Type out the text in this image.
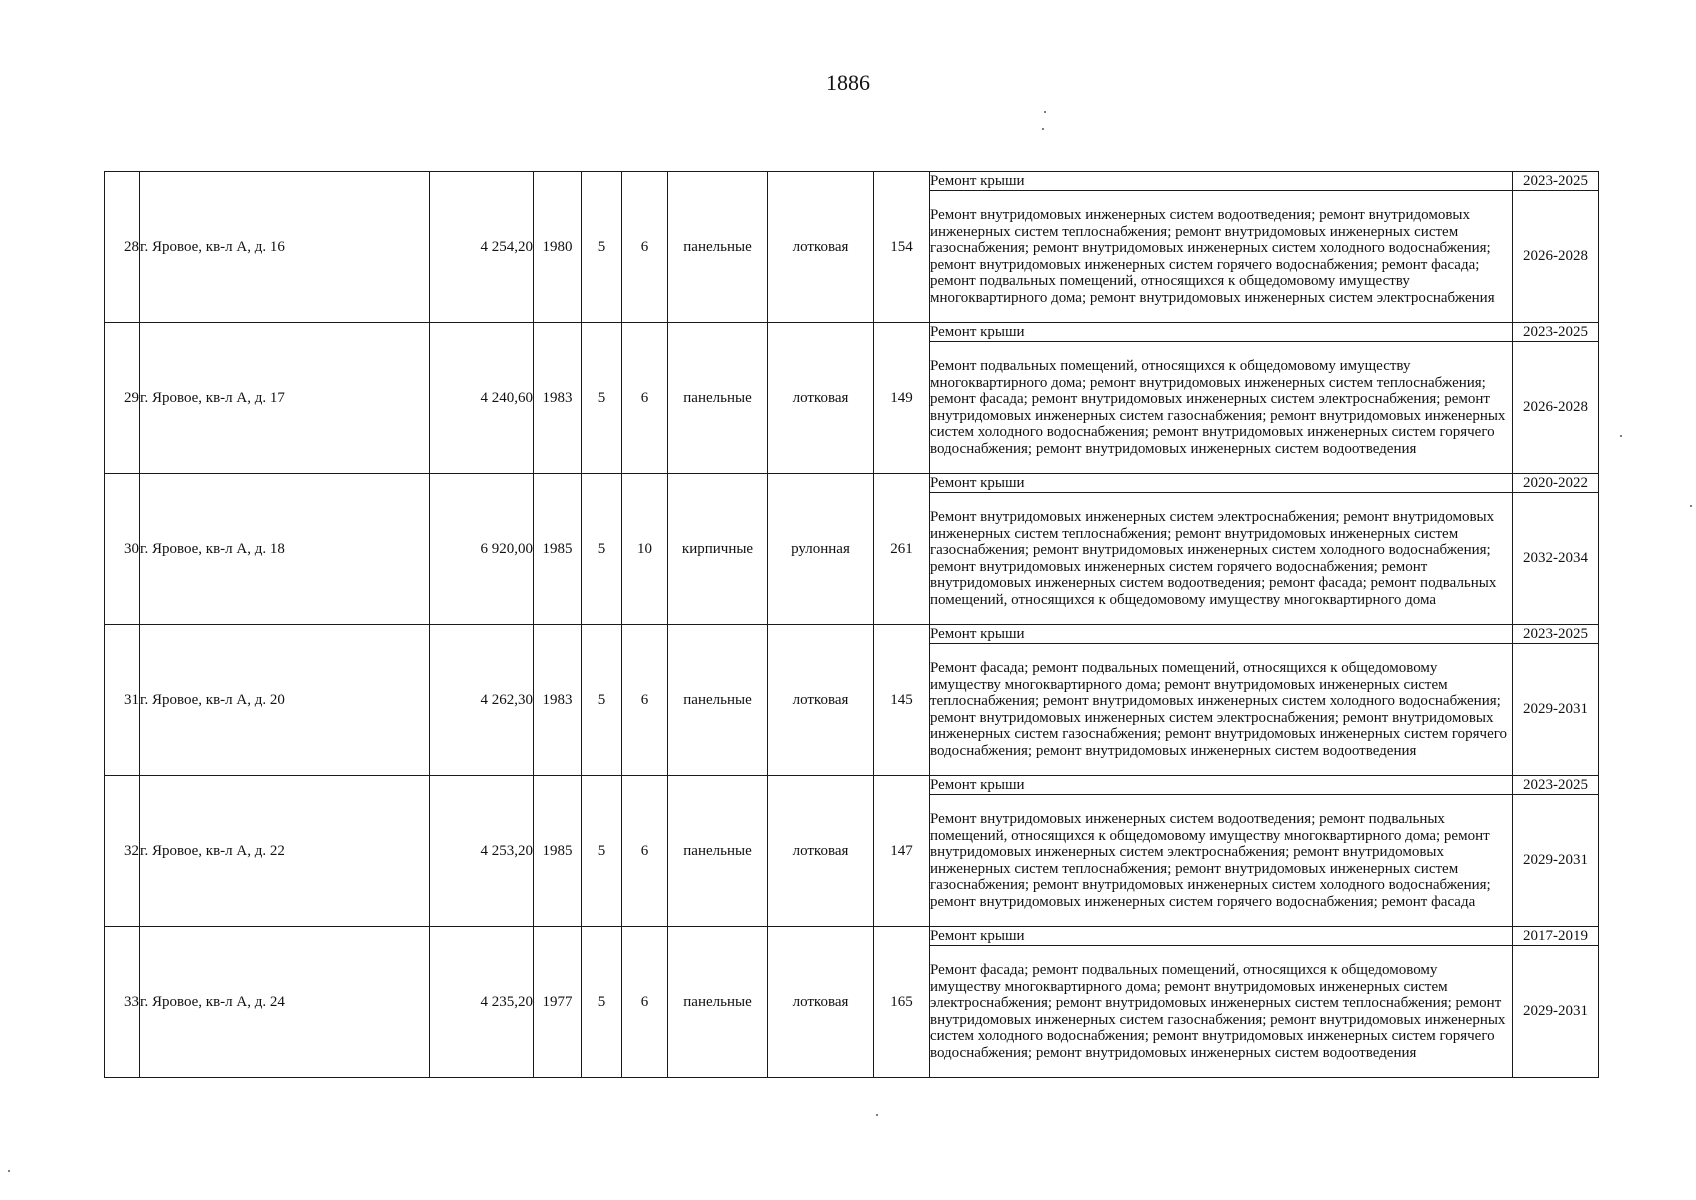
1886
28	г. Яровое, кв-л А, д. 16	4 254,20	1980	5	6	панельные	лотковая	154	Ремонт крыши	2023-2025
									Ремонт внутридомовых инженерных систем водоотведения; ремонт внутридомовых инженерных систем теплоснабжения; ремонт внутридомовых инженерных систем газоснабжения; ремонт внутридомовых инженерных систем холодного водоснабжения; ремонт внутридомовых инженерных систем горячего водоснабжения; ремонт фасада; ремонт подвальных помещений, относящихся к общедомовому имуществу многоквартирного дома; ремонт внутридомовых инженерных систем электроснабжения	2026-2028
29	г. Яровое, кв-л А, д. 17	4 240,60	1983	5	6	панельные	лотковая	149	Ремонт крыши	2023-2025
									Ремонт подвальных помещений, относящихся к общедомовому имуществу многоквартирного дома; ремонт внутридомовых инженерных систем теплоснабжения; ремонт фасада; ремонт внутридомовых инженерных систем электроснабжения; ремонт внутридомовых инженерных систем газоснабжения; ремонт внутридомовых инженерных систем холодного водоснабжения; ремонт внутридомовых инженерных систем горячего водоснабжения; ремонт внутридомовых инженерных систем водоотведения	2026-2028
30	г. Яровое, кв-л А, д. 18	6 920,00	1985	5	10	кирпичные	рулонная	261	Ремонт крыши	2020-2022
									Ремонт внутридомовых инженерных систем электроснабжения; ремонт внутридомовых инженерных систем теплоснабжения; ремонт внутридомовых инженерных систем газоснабжения; ремонт внутридомовых инженерных систем холодного водоснабжения; ремонт внутридомовых инженерных систем горячего водоснабжения; ремонт внутридомовых инженерных систем водоотведения; ремонт фасада; ремонт подвальных помещений, относящихся к общедомовому имуществу многоквартирного дома	2032-2034
31	г. Яровое, кв-л А, д. 20	4 262,30	1983	5	6	панельные	лотковая	145	Ремонт крыши	2023-2025
									Ремонт фасада; ремонт подвальных помещений, относящихся к общедомовому имуществу многоквартирного дома; ремонт внутридомовых инженерных систем теплоснабжения; ремонт внутридомовых инженерных систем холодного водоснабжения; ремонт внутридомовых инженерных систем электроснабжения; ремонт внутридомовых инженерных систем газоснабжения; ремонт внутридомовых инженерных систем горячего водоснабжения; ремонт внутридомовых инженерных систем водоотведения	2029-2031
32	г. Яровое, кв-л А, д. 22	4 253,20	1985	5	6	панельные	лотковая	147	Ремонт крыши	2023-2025
									Ремонт внутридомовых инженерных систем водоотведения; ремонт подвальных помещений, относящихся к общедомовому имуществу многоквартирного дома; ремонт внутридомовых инженерных систем электроснабжения; ремонт внутридомовых инженерных систем теплоснабжения; ремонт внутридомовых инженерных систем газоснабжения; ремонт внутридомовых инженерных систем холодного водоснабжения; ремонт внутридомовых инженерных систем горячего водоснабжения; ремонт фасада	2029-2031
33	г. Яровое, кв-л А, д. 24	4 235,20	1977	5	6	панельные	лотковая	165	Ремонт крыши	2017-2019
									Ремонт фасада; ремонт подвальных помещений, относящихся к общедомовому имуществу многоквартирного дома; ремонт внутридомовых инженерных систем электроснабжения; ремонт внутридомовых инженерных систем теплоснабжения; ремонт внутридомовых инженерных систем газоснабжения; ремонт внутридомовых инженерных систем холодного водоснабжения; ремонт внутридомовых инженерных систем горячего водоснабжения; ремонт внутридомовых инженерных систем водоотведения	2029-2031
